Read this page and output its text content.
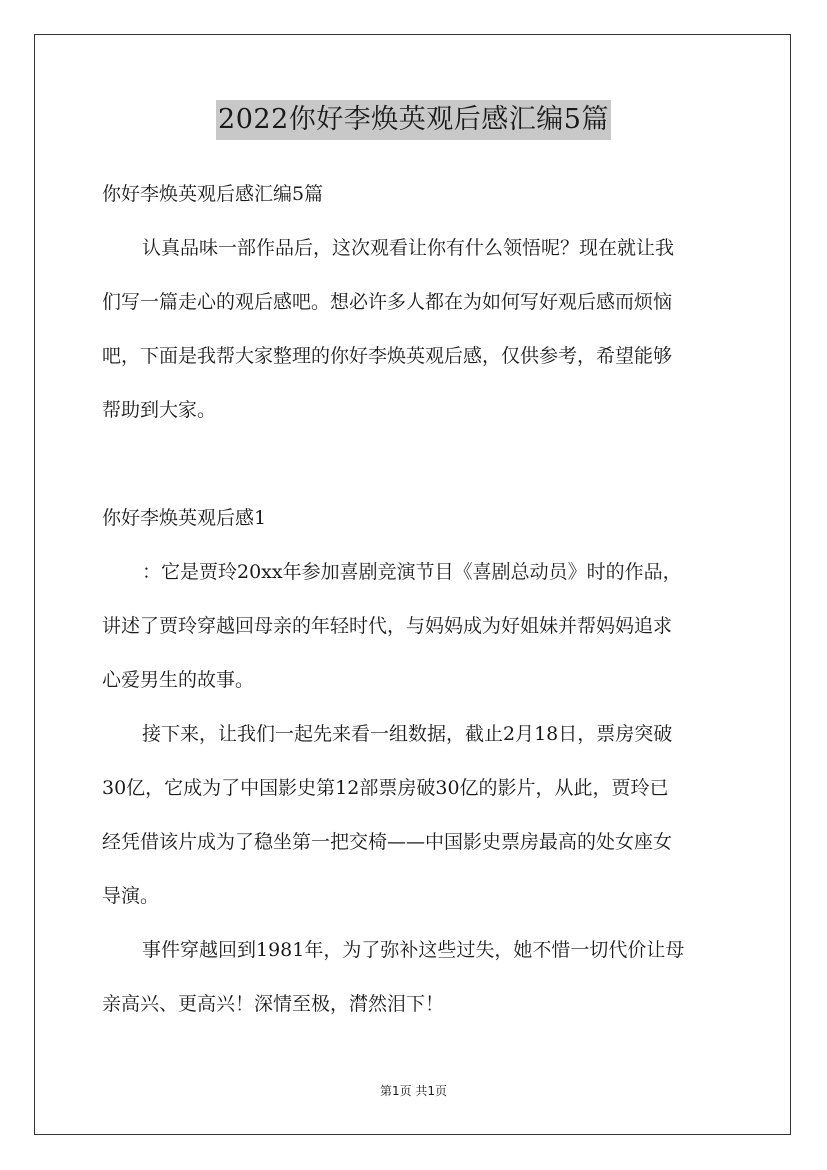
2022你好李焕英观后感汇编5篇
你好李焕英观后感汇编5篇
认真品味一部作品后，这次观看让你有什么领悟呢？现在就让我
们写一篇走心的观后感吧。想必许多人都在为如何写好观后感而烦恼
吧，下面是我帮大家整理的你好李焕英观后感，仅供参考，希望能够
帮助到大家。
你好李焕英观后感1
：它是贾玲20xx年参加喜剧竞演节目《喜剧总动员》时的作品，
讲述了贾玲穿越回母亲的年轻时代，与妈妈成为好姐妹并帮妈妈追求
心爱男生的故事。
接下来，让我们一起先来看一组数据，截止2月18日，票房突破
30亿，它成为了中国影史第12部票房破30亿的影片，从此，贾玲已
经凭借该片成为了稳坐第一把交椅——中国影史票房最高的处女座女
导演。
事件穿越回到1981年，为了弥补这些过失，她不惜一切代价让母
亲高兴、更高兴！深情至极，潸然泪下！
第1页 共1页
